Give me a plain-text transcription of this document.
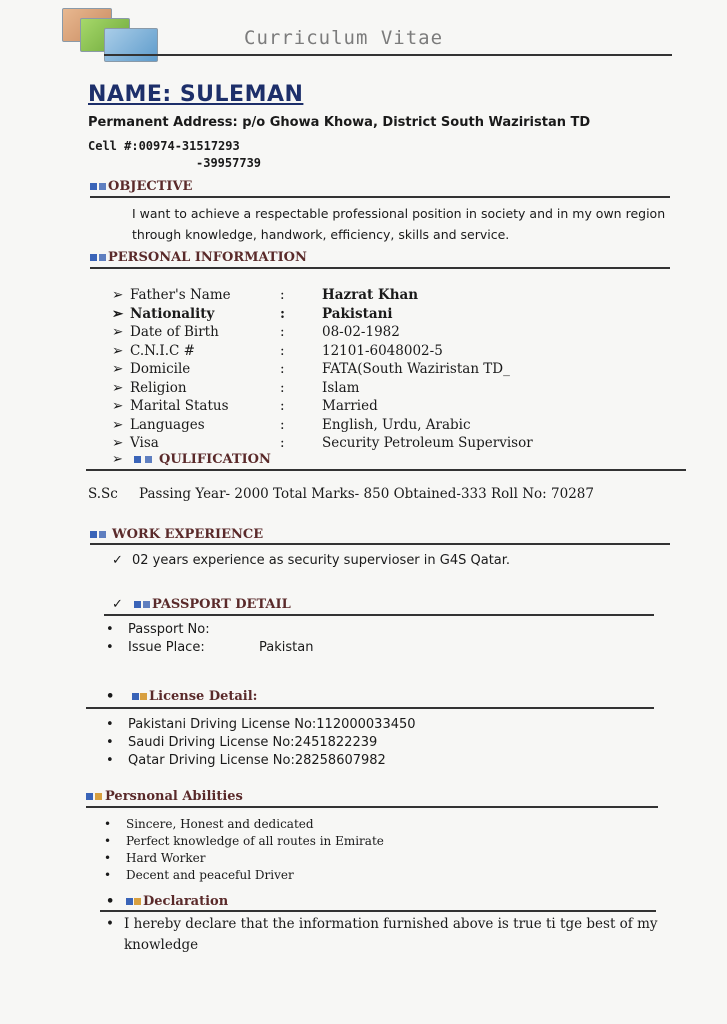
Curriculum Vitae
NAME: SULEMAN
Permanent Address: p/o Ghowa Khowa, District South Waziristan TD
Cell #:00974-31517293
-39957739
OBJECTIVE
I want to achieve a respectable professional position in society and in my own region
through knowledge, handwork, efficiency, skills and service.
PERSONAL INFORMATION
➢ Father's Name	:	Hazrat Khan
➢ Nationality	:	Pakistani
➢ Date of Birth	:	08-02-1982
➢ C.N.I.C #	:	12101-6048002-5
➢ Domicile	:	FATA(South Waziristan TD_
➢ Religion	:	Islam
➢ Marital Status	:	Married
➢ Languages	:	English, Urdu, Arabic
➢ Visa	:	Security Petroleum Supervisor
➢	QULIFICATION
S.Sc Passing Year- 2000 Total Marks- 850 Obtained-333 Roll No: 70287
WORK EXPERIENCE
✓ 02 years experience as security supervioser in G4S Qatar.
✓	PASSPORT DETAIL
•	Passport No:
•	Issue Place:	Pakistan
•	License Detail:
•	Pakistani Driving License No:112000033450
•	Saudi Driving License No:2451822239
•	Qatar Driving License No:28258607982
Persnonal Abilities
•	Sincere, Honest and dedicated
•	Perfect knowledge of all routes in Emirate
•	Hard Worker
•	Decent and peaceful Driver
•	Declaration
• I hereby declare that the information furnished above is true ti tge best of my
knowledge
